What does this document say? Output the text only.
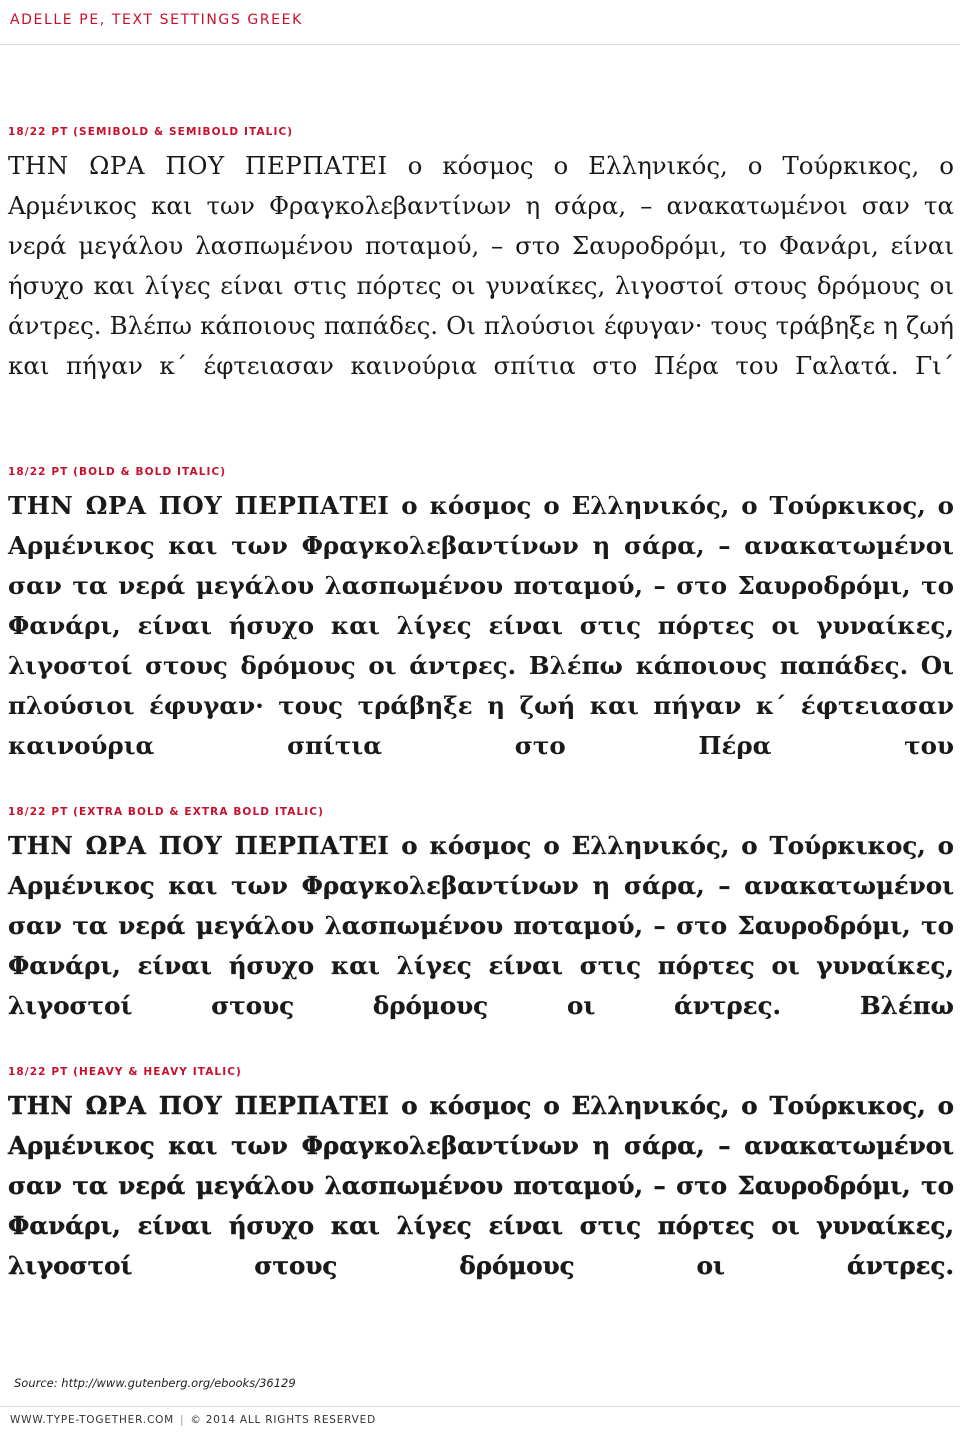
ADELLE PE, TEXT SETTINGS GREEK
18/22 PT (SEMIBOLD & SEMIBOLD ITALIC)

ΤΗΝ ΩΡΑ ΠΟΥ ΠΕΡΠΑΤΕΙ ο κόσμος ο Ελληνικός, ο Τούρκικος, ο Αρμένικος και των Φραγκολεβαντίνων η σάρα, – ανακατωμένοι σαν τα νερά μεγάλου λασπωμένου ποταμού, – στο Σαυροδρόμι, το Φανάρι, είναι ήσυχο και λίγες είναι στις πόρτες οι γυναίκες, λιγοστοί στους δρόμους οι άντρες. Βλέπω κάποιους παπάδες. Οι πλούσιοι έφυγαν· τους τράβηξε η ζωή και πήγαν κ΄ έφτειασαν καινούρια σπίτια στο Πέρα του Γαλατά. Γι΄

18/22 PT (BOLD & BOLD ITALIC)

ΤΗΝ ΩΡΑ ΠΟΥ ΠΕΡΠΑΤΕΙ ο κόσμος ο Ελληνικός, ο Τούρκικος, ο Αρμένικος και των Φραγκολεβαντίνων η σάρα, – ανακατωμένοι σαν τα νερά μεγάλου λασπωμένου ποταμού, – στο Σαυροδρόμι, το Φανάρι, είναι ήσυχο και λίγες είναι στις πόρτες οι γυναίκες, λιγοστοί στους δρόμους οι άντρες. Βλέπω κάποιους παπάδες. Οι πλούσιοι έφυγαν· τους τράβηξε η ζωή και πήγαν κ΄ έφτειασαν καινούρια σπίτια στο Πέρα του

18/22 PT (EXTRA BOLD & EXTRA BOLD ITALIC)

ΤΗΝ ΩΡΑ ΠΟΥ ΠΕΡΠΑΤΕΙ ο κόσμος ο Ελληνικός, ο Τούρκικος, ο Αρμένικος και των Φραγκολεβαντίνων η σάρα, – ανακατωμένοι σαν τα νερά μεγάλου λασπωμένου ποταμού, – στο Σαυροδρόμι, το Φανάρι, είναι ήσυχο και λίγες είναι στις πόρτες οι γυναίκες, λιγοστοί στους δρόμους οι άντρες. Βλέπω

18/22 PT (HEAVY & HEAVY ITALIC)

ΤΗΝ ΩΡΑ ΠΟΥ ΠΕΡΠΑΤΕΙ ο κόσμος ο Ελληνικός, ο Τούρκικος, ο Αρμένικος και των Φραγκολεβαντίνων η σάρα, – ανακατωμένοι σαν τα νερά μεγάλου λασπωμένου ποταμού, – στο Σαυροδρόμι, το Φανάρι, είναι ήσυχο και λίγες είναι στις πόρτες οι γυναίκες, λιγοστοί στους δρόμους οι άντρες.

Source: http://www.gutenberg.org/ebooks/36129
WWW.TYPE-TOGETHER.COM | © 2014 ALL RIGHTS RESERVED
